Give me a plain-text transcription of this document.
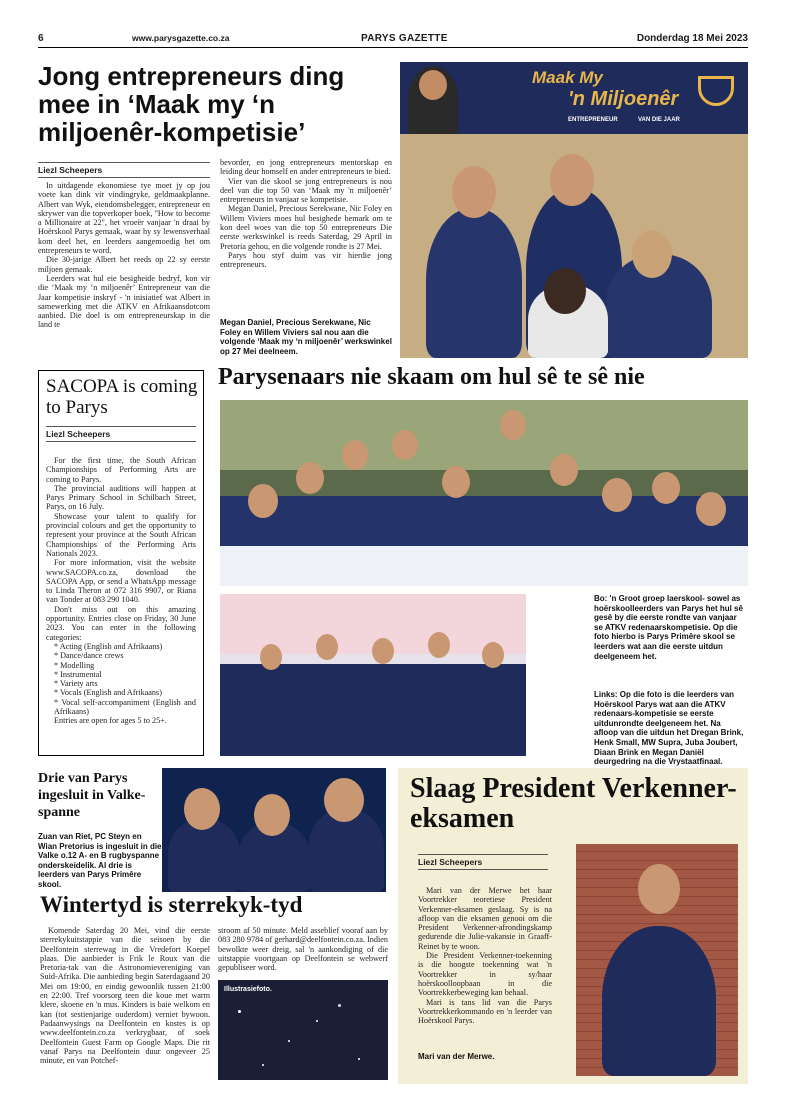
6	www.parysgazette.co.za	PARYS GAZETTE	Donderdag 18 Mei 2023
Jong entrepreneurs ding mee in ‘Maak my ‘n miljoenêr-kompetisie’
Liezl Scheepers

In uitdagende ekonomiese tye moet jy op jou voete kan dink vir vindingryke, geldmaakplanne. Albert van Wyk, eiendomsbelegger, entrepreneur en skrywer van die topverkoper boek, "How to become a Millionaire at 22", het vroeër vanjaar 'n draai by Hoërskool Parys gemaak, waar hy sy lewensverhaal kom deel het, en leerders aangemoedig het om entrepreneurs te word.

Die 30-jarige Albert het reeds op 22 sy eerste miljoen gemaak.

Leerders wat hul eie besigheide bedryf, kon vir die ‘Maak my ‘n miljoenêr’ Entrepreneur van die Jaar kompetisie inskryf - 'n inisiatief wat Albert in samewerking met die ATKV en Afrikaansdotcom aanbied. Die doel is om entrepreneurskap in die land te

bevorder, en jong entrepreneurs mentorskap en leiding deur homself en ander entrepreneurs te bied.

Vier van die skool se jong entrepreneurs is nou deel van die top 50 van ‘Maak my 'n miljoenêr’ entrepreneurs in vanjaar se kompetisie.

Megan Daniel, Precious Serekwane, Nic Foley en Willem Viviers moes hul besighede bemark om te kon deel woes van die top 50 entrepreneurs Die eerste werkswinkel is reeds Saterdag, 29 April in Pretoria gehou, en die volgende rondte is 27 Mei.

Parys hou styf duim vas vir hierdie jong entrepreneurs.

Megan Daniel, Precious Serekwane, Nic Foley en Willem Viviers sal nou aan die volgende ‘Maak my ‘n miljoenêr’ werkswinkel op 27 Mei deelneem.
Maak My
'n Miljoenêr
ENTREPRENEUR	VAN DIE JAAR
SACOPA is coming to Parys
Liezl Scheepers

For the first time, the South African Championships of Performing Arts are coming to Parys.

The provincial auditions will happen at Parys Primary School in Schilbach Street, Parys, on 16 July.

Showcase your talent to qualify for provincial colours and get the opportunity to represent your province at the South African Championships of the Performing Arts Nationals 2023.

For more information, visit the website www.SACOPA.co.za, download the SACOPA App, or send a WhatsApp message to Linda Theron at 072 316 9907, or Riana van Tonder at 083 290 1040.

Don't miss out on this amazing opportunity. Entries close on Friday, 30 June 2023. You can enter in the following categories:

* Acting (English and Afrikaans)

* Dance/dance crews

* Modelling

* Instrumental

* Variety arts

* Vocals (English and Afrikaans)

* Vocal self-accompaniment (English and Afrikaans)

Entries are open for ages 5 to 25+.

Parysenaars nie skaam om hul sê te sê nie
Bo: 'n Groot groep laerskool- sowel as hoërskoolleerders van Parys het hul sê gesê by die eerste rondte van vanjaar se ATKV redenaarskompetisie. Op die foto hierbo is Parys Primêre skool se leerders wat aan die eerste uitdun deelgeneem het.
Links: Op die foto is die leerders van Hoërskool Parys wat aan die ATKV redenaars-kompetisie se eerste uitdunrondte deelgeneem het. Na afloop van die uitdun het Dregan Brink, Henk Small, MW Supra, Juba Joubert, Diaan Brink en Megan Daniël deurgedring na die Vrystaatfinaal.
Drie van Parys ingesluit in Valke-spanne
Zuan van Riet, PC Steyn en Wian Pretorius is ingesluit in die Valke o.12 A- en B rugbyspanne onderskeidelik. Al drie is leerders van Parys Primêre skool.
Wintertyd is sterrekyk-tyd

Komende Saterdag 20 Mei, vind die eerste sterrekykuitstappie van die seisoen by die Deelfontein sterrewag in die Vredefort Koepel plaas. Die aanbieder is Frik le Roux van die Pretoria-tak van die Astronomievereniging van Suid-Afrika. Die aanbieding begin Saterdagaand 20 Mei om 19:00, en eindig gewoonlik tussen 21:00 en 22:00. Tref voorsorg teen die koue met warm klere, skoene en 'n mus. Kinders is baie welkom en kan (tot sestienjarige ouderdom) verniet bywoon. Padaanwysings na Deelfontein en kostes is op www.deelfontein.co.za verkrygbaar, of soek Deelfontein Guest Farm op Google Maps. Die rit vanaf Parys na Deelfontein duur ongeveer 25 minute, en van Potchef-

stroom af 50 minute. Meld asseblief vooraf aan by 083 280 9784 of gerhard@deelfontein.co.za. Indien bewolkte weer dreig, sal 'n aankondiging of die uitstappie voortgaan op Deelfontein se webwerf gepubliseer word.

Illustrasiefoto.
Slaag President Verkenner-eksamen
Liezl Scheepers

Mari van der Merwe het haar Voortrekker teoretiese President Verkenner-eksamen geslaag. Sy is na afloop van die eksamen genooi om die President Verkenner-afrondingskamp gedurende die Julie-vakansie in Graaff-Reinet by te woon.

Die President Verkenner-toekenning is die hoogste toekenning wat 'n Voortrekker in sy/haar hoërskoolloopbaan in die Voortrekkerbeweging kan behaal.

Mari is tans lid van die Parys Voortrekkerkommando en 'n leerder van Hoërskool Parys.

Mari van der Merwe.
